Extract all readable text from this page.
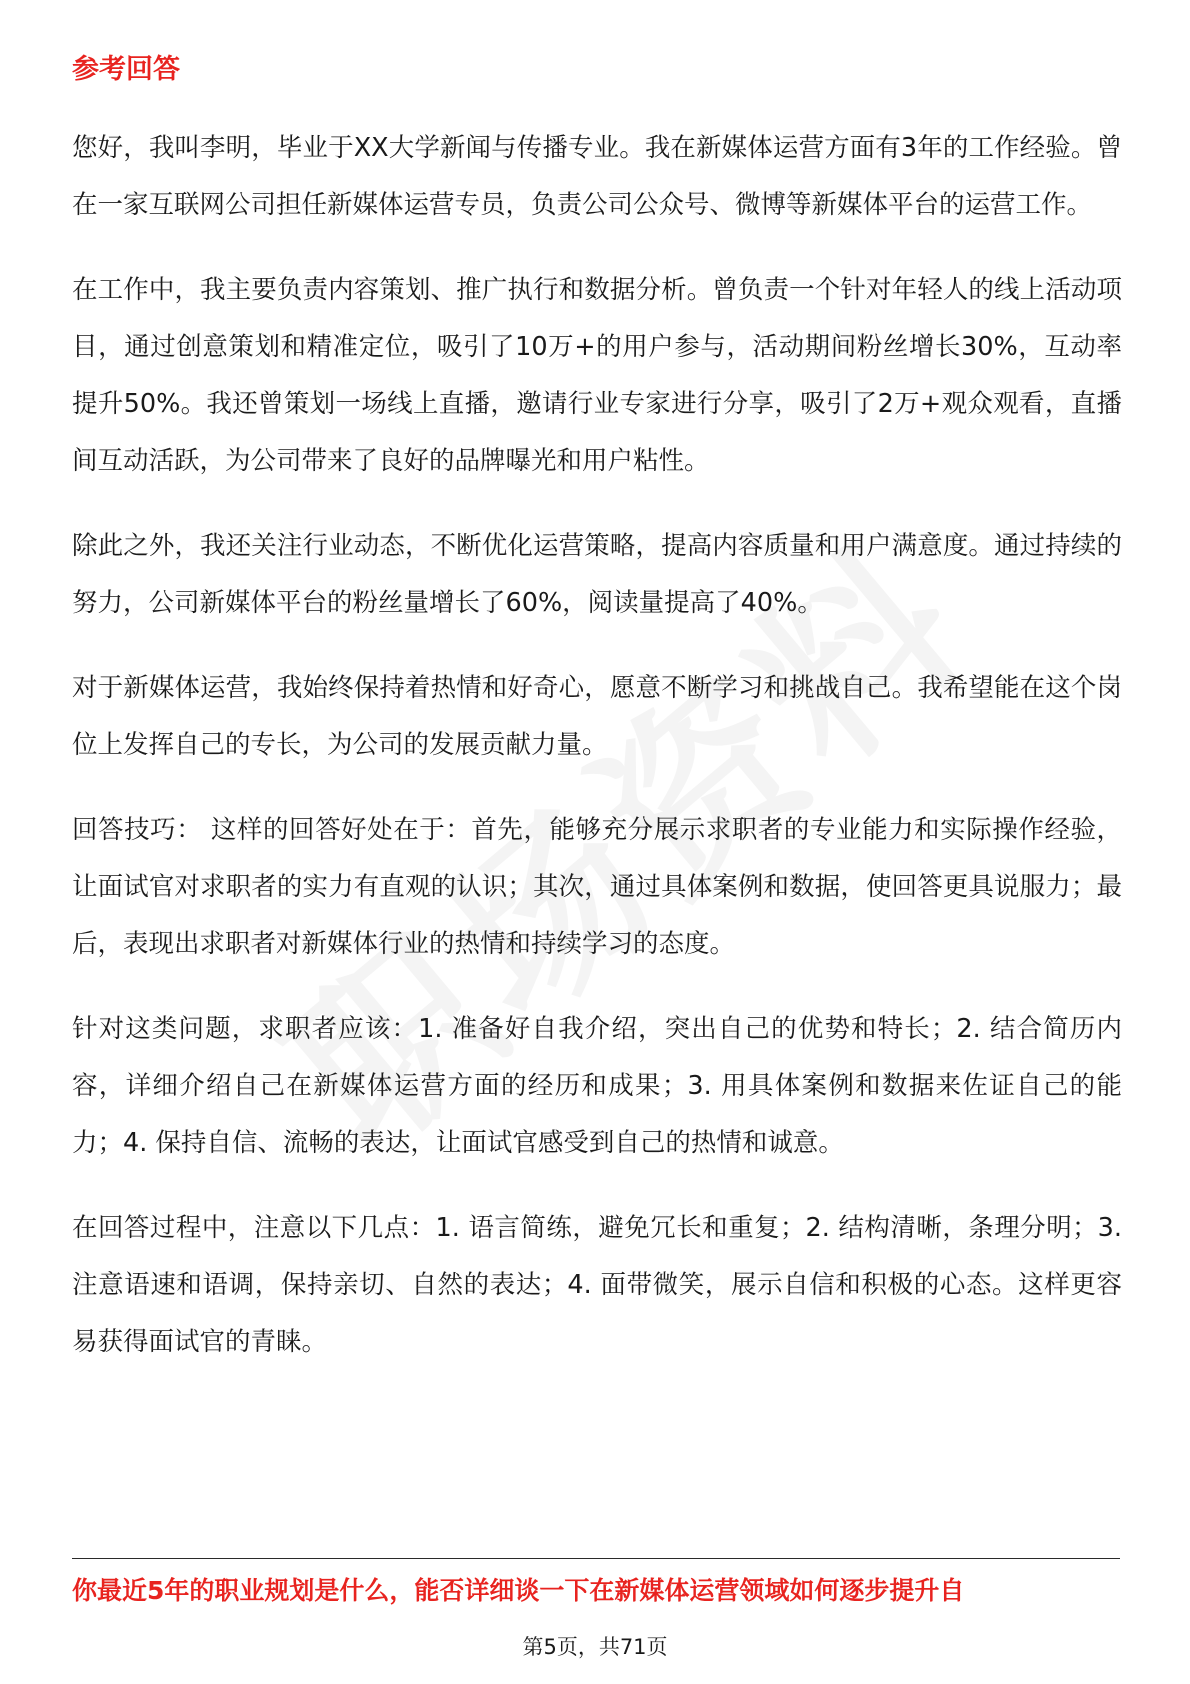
参考回答

您好，我叫李明，毕业于XX大学新闻与传播专业。我在新媒体运营方面有3年的工作经验。曾在一家互联网公司担任新媒体运营专员，负责公司公众号、微博等新媒体平台的运营工作。

在工作中，我主要负责内容策划、推广执行和数据分析。曾负责一个针对年轻人的线上活动项目，通过创意策划和精准定位，吸引了10万+的用户参与，活动期间粉丝增长30%，互动率提升50%。我还曾策划一场线上直播，邀请行业专家进行分享，吸引了2万+观众观看，直播间互动活跃，为公司带来了良好的品牌曝光和用户粘性。

除此之外，我还关注行业动态，不断优化运营策略，提高内容质量和用户满意度。通过持续的努力，公司新媒体平台的粉丝量增长了60%，阅读量提高了40%。

对于新媒体运营，我始终保持着热情和好奇心，愿意不断学习和挑战自己。我希望能在这个岗位上发挥自己的专长，为公司的发展贡献力量。

回答技巧： 这样的回答好处在于：首先，能够充分展示求职者的专业能力和实际操作经验，让面试官对求职者的实力有直观的认识；其次，通过具体案例和数据，使回答更具说服力；最后，表现出求职者对新媒体行业的热情和持续学习的态度。

针对这类问题，求职者应该：1. 准备好自我介绍，突出自己的优势和特长；2. 结合简历内容，详细介绍自己在新媒体运营方面的经历和成果；3. 用具体案例和数据来佐证自己的能力；4. 保持自信、流畅的表达，让面试官感受到自己的热情和诚意。

在回答过程中，注意以下几点：1. 语言简练，避免冗长和重复；2. 结构清晰，条理分明；3. 注意语速和语调，保持亲切、自然的表达；4. 面带微笑，展示自信和积极的心态。这样更容易获得面试官的青睐。

你最近5年的职业规划是什么，能否详细谈一下在新媒体运营领域如何逐步提升自

第5页，共71页
